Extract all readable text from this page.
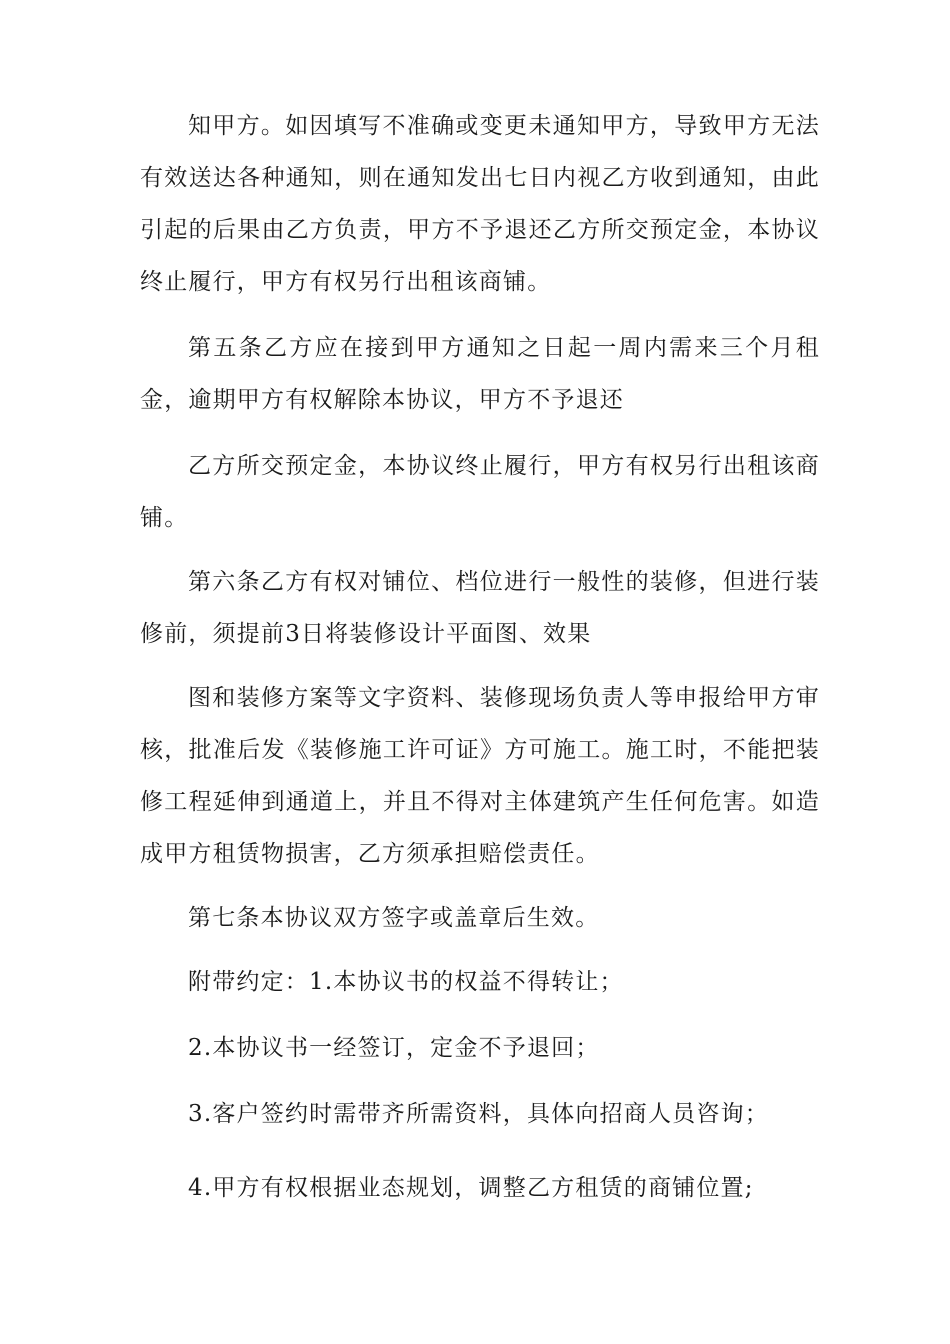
知甲方。如因填写不准确或变更未通知甲方，导致甲方无法有效送达各种通知，则在通知发出七日内视乙方收到通知，由此引起的后果由乙方负责，甲方不予退还乙方所交预定金，本协议终止履行，甲方有权另行出租该商铺。

第五条乙方应在接到甲方通知之日起一周内需来三个月租金，逾期甲方有权解除本协议，甲方不予退还

乙方所交预定金，本协议终止履行，甲方有权另行出租该商铺。

第六条乙方有权对铺位、档位进行一般性的装修，但进行装修前，须提前3日将装修设计平面图、效果

图和装修方案等文字资料、装修现场负责人等申报给甲方审核，批准后发《装修施工许可证》方可施工。施工时，不能把装修工程延伸到通道上，并且不得对主体建筑产生任何危害。如造成甲方租赁物损害，乙方须承担赔偿责任。

第七条本协议双方签字或盖章后生效。

附带约定：1.本协议书的权益不得转让；

2.本协议书一经签订，定金不予退回；

3.客户签约时需带齐所需资料，具体向招商人员咨询；

4.甲方有权根据业态规划，调整乙方租赁的商铺位置;
